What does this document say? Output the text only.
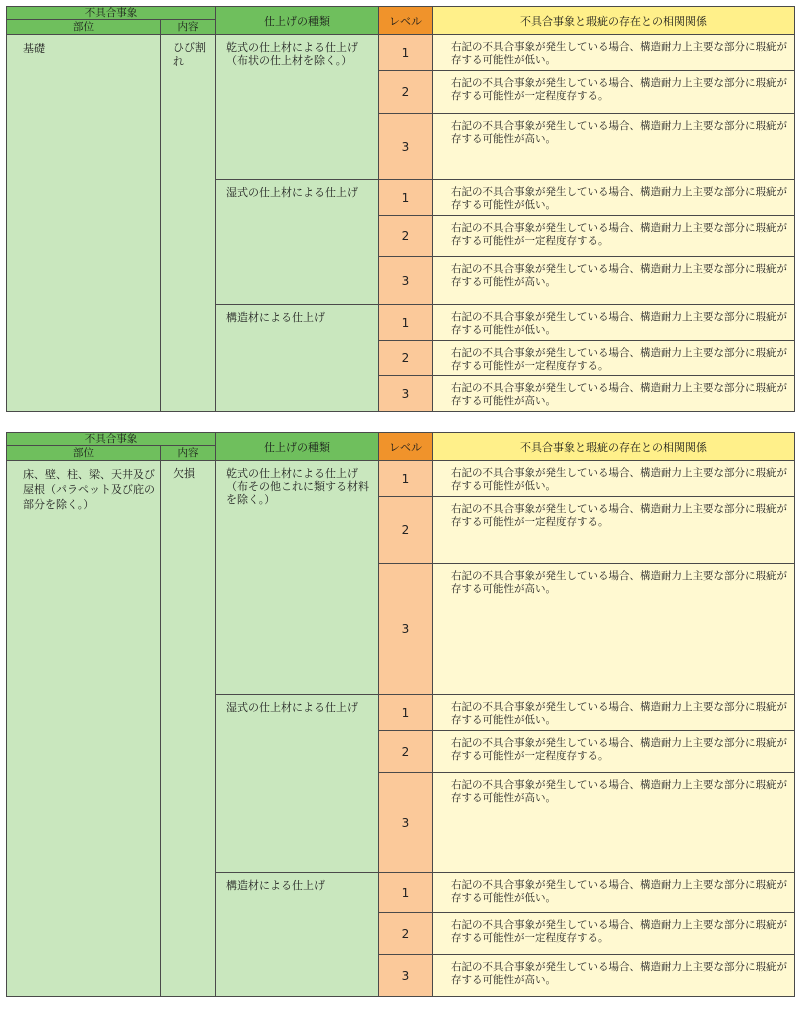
不具合事象		仕上げの種類	レベル	不具合事象と瑕疵の存在との相関関係
部位	内容			
基礎	ひび割れ	乾式の仕上材による仕上げ（布状の仕上材を除く。）	1	右記の不具合事象が発生している場合、構造耐力上主要な部分に瑕疵が存する可能性が低い。
			2	右記の不具合事象が発生している場合、構造耐力上主要な部分に瑕疵が存する可能性が一定程度存する。
			3	右記の不具合事象が発生している場合、構造耐力上主要な部分に瑕疵が存する可能性が高い。
		湿式の仕上材による仕上げ	1	右記の不具合事象が発生している場合、構造耐力上主要な部分に瑕疵が存する可能性が低い。
			2	右記の不具合事象が発生している場合、構造耐力上主要な部分に瑕疵が存する可能性が一定程度存する。
			3	右記の不具合事象が発生している場合、構造耐力上主要な部分に瑕疵が存する可能性が高い。
		構造材による仕上げ	1	右記の不具合事象が発生している場合、構造耐力上主要な部分に瑕疵が存する可能性が低い。
			2	右記の不具合事象が発生している場合、構造耐力上主要な部分に瑕疵が存する可能性が一定程度存する。
			3	右記の不具合事象が発生している場合、構造耐力上主要な部分に瑕疵が存する可能性が高い。
不具合事象		仕上げの種類	レベル	不具合事象と瑕疵の存在との相関関係
部位	内容			
床、壁、柱、梁、天井及び屋根（パラペット及び庇の部分を除く。）	欠損	乾式の仕上材による仕上げ（布その他これに類する材料を除く。）	1	右記の不具合事象が発生している場合、構造耐力上主要な部分に瑕疵が存する可能性が低い。
			2	右記の不具合事象が発生している場合、構造耐力上主要な部分に瑕疵が存する可能性が一定程度存する。
			3	右記の不具合事象が発生している場合、構造耐力上主要な部分に瑕疵が存する可能性が高い。
		湿式の仕上材による仕上げ	1	右記の不具合事象が発生している場合、構造耐力上主要な部分に瑕疵が存する可能性が低い。
			2	右記の不具合事象が発生している場合、構造耐力上主要な部分に瑕疵が存する可能性が一定程度存する。
			3	右記の不具合事象が発生している場合、構造耐力上主要な部分に瑕疵が存する可能性が高い。
		構造材による仕上げ	1	右記の不具合事象が発生している場合、構造耐力上主要な部分に瑕疵が存する可能性が低い。
			2	右記の不具合事象が発生している場合、構造耐力上主要な部分に瑕疵が存する可能性が一定程度存する。
			3	右記の不具合事象が発生している場合、構造耐力上主要な部分に瑕疵が存する可能性が高い。
